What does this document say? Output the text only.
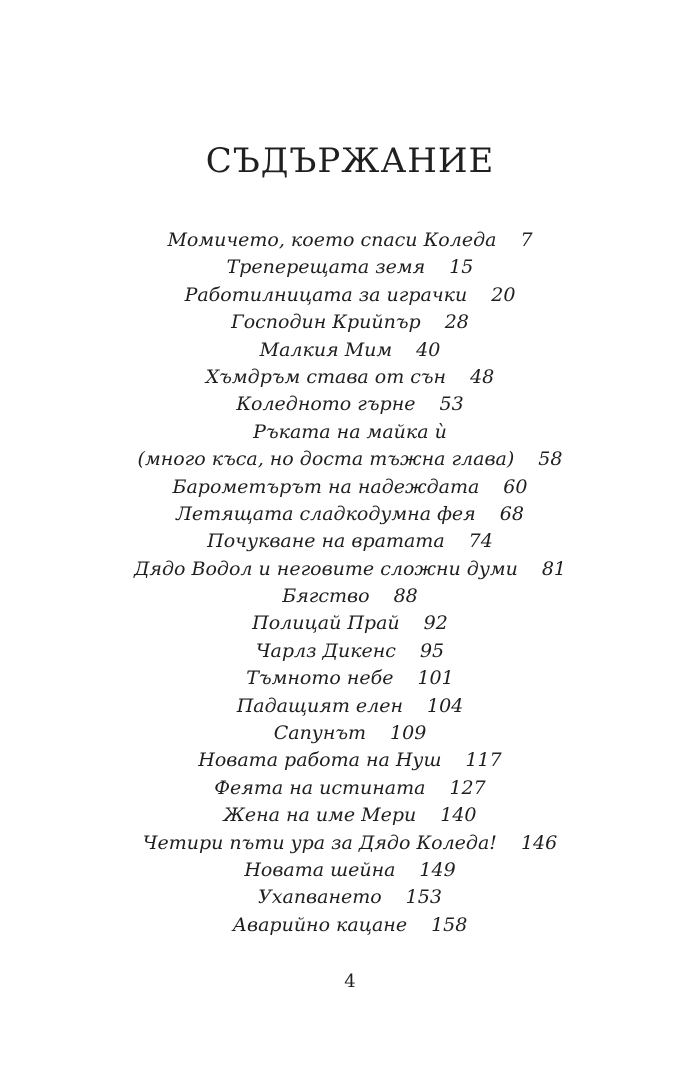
СЪДЪРЖАНИЕ
Момичето, което спаси Коледа 7
Треперещата земя 15
Работилницата за играчки 20
Господин Крийпър 28
Малкия Мим 40
Хъмдръм става от сън 48
Коледното гърне 53
Ръката на майка ѝ
(много къса, но доста тъжна глава) 58
Барометърът на надеждата 60
Летящата сладкодумна фея 68
Почукване на вратата 74
Дядо Водол и неговите сложни думи 81
Бягство 88
Полицай Прай 92
Чарлз Дикенс 95
Тъмното небе 101
Падащият елен 104
Сапунът 109
Новата работа на Нуш 117
Феята на истината 127
Жена на име Мери 140
Четири пъти ура за Дядо Коледа! 146
Новата шейна 149
Ухапването 153
Аварийно кацане 158
4
